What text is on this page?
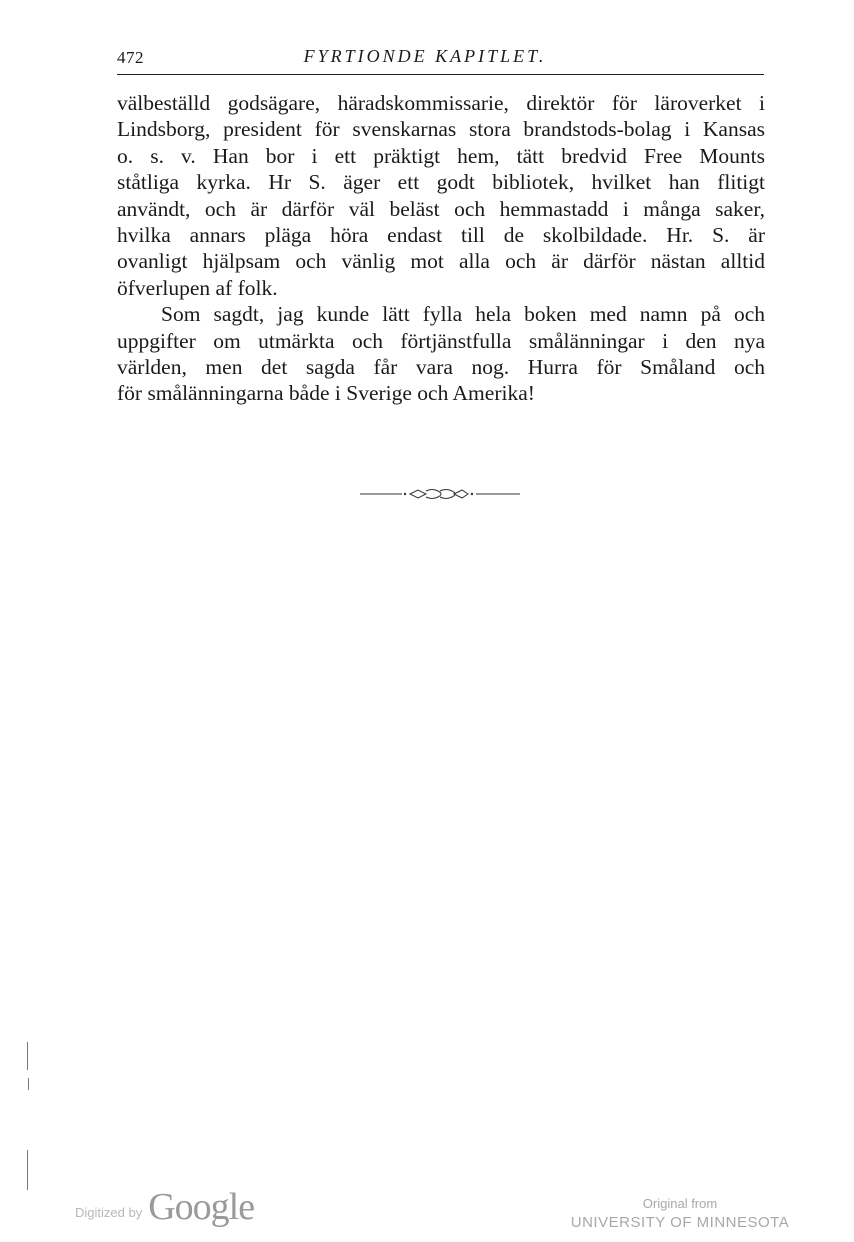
472	FYRTIONDE KAPITLET.
välbeställd godsägare, häradskommissarie, direktör för läroverket i
Lindsborg, president för svenskarnas stora brandstods-bolag i Kansas
o. s. v. Han bor i ett präktigt hem, tätt bredvid Free Mounts
ståtliga kyrka. Hr S. äger ett godt bibliotek, hvilket han flitigt
användt, och är därför väl beläst och hemmastadd i många saker,
hvilka annars pläga höra endast till de skolbildade. Hr. S. är
ovanligt hjälpsam och vänlig mot alla och är därför nästan alltid
öfverlupen af folk.
Som sagdt, jag kunde lätt fylla hela boken med namn på och
uppgifter om utmärkta och förtjänstfulla smålänningar i den nya
världen, men det sagda får vara nog. Hurra för Småland och
för smålänningarna både i Sverige och Amerika!
Digitized by Google	Original from
UNIVERSITY OF MINNESOTA
